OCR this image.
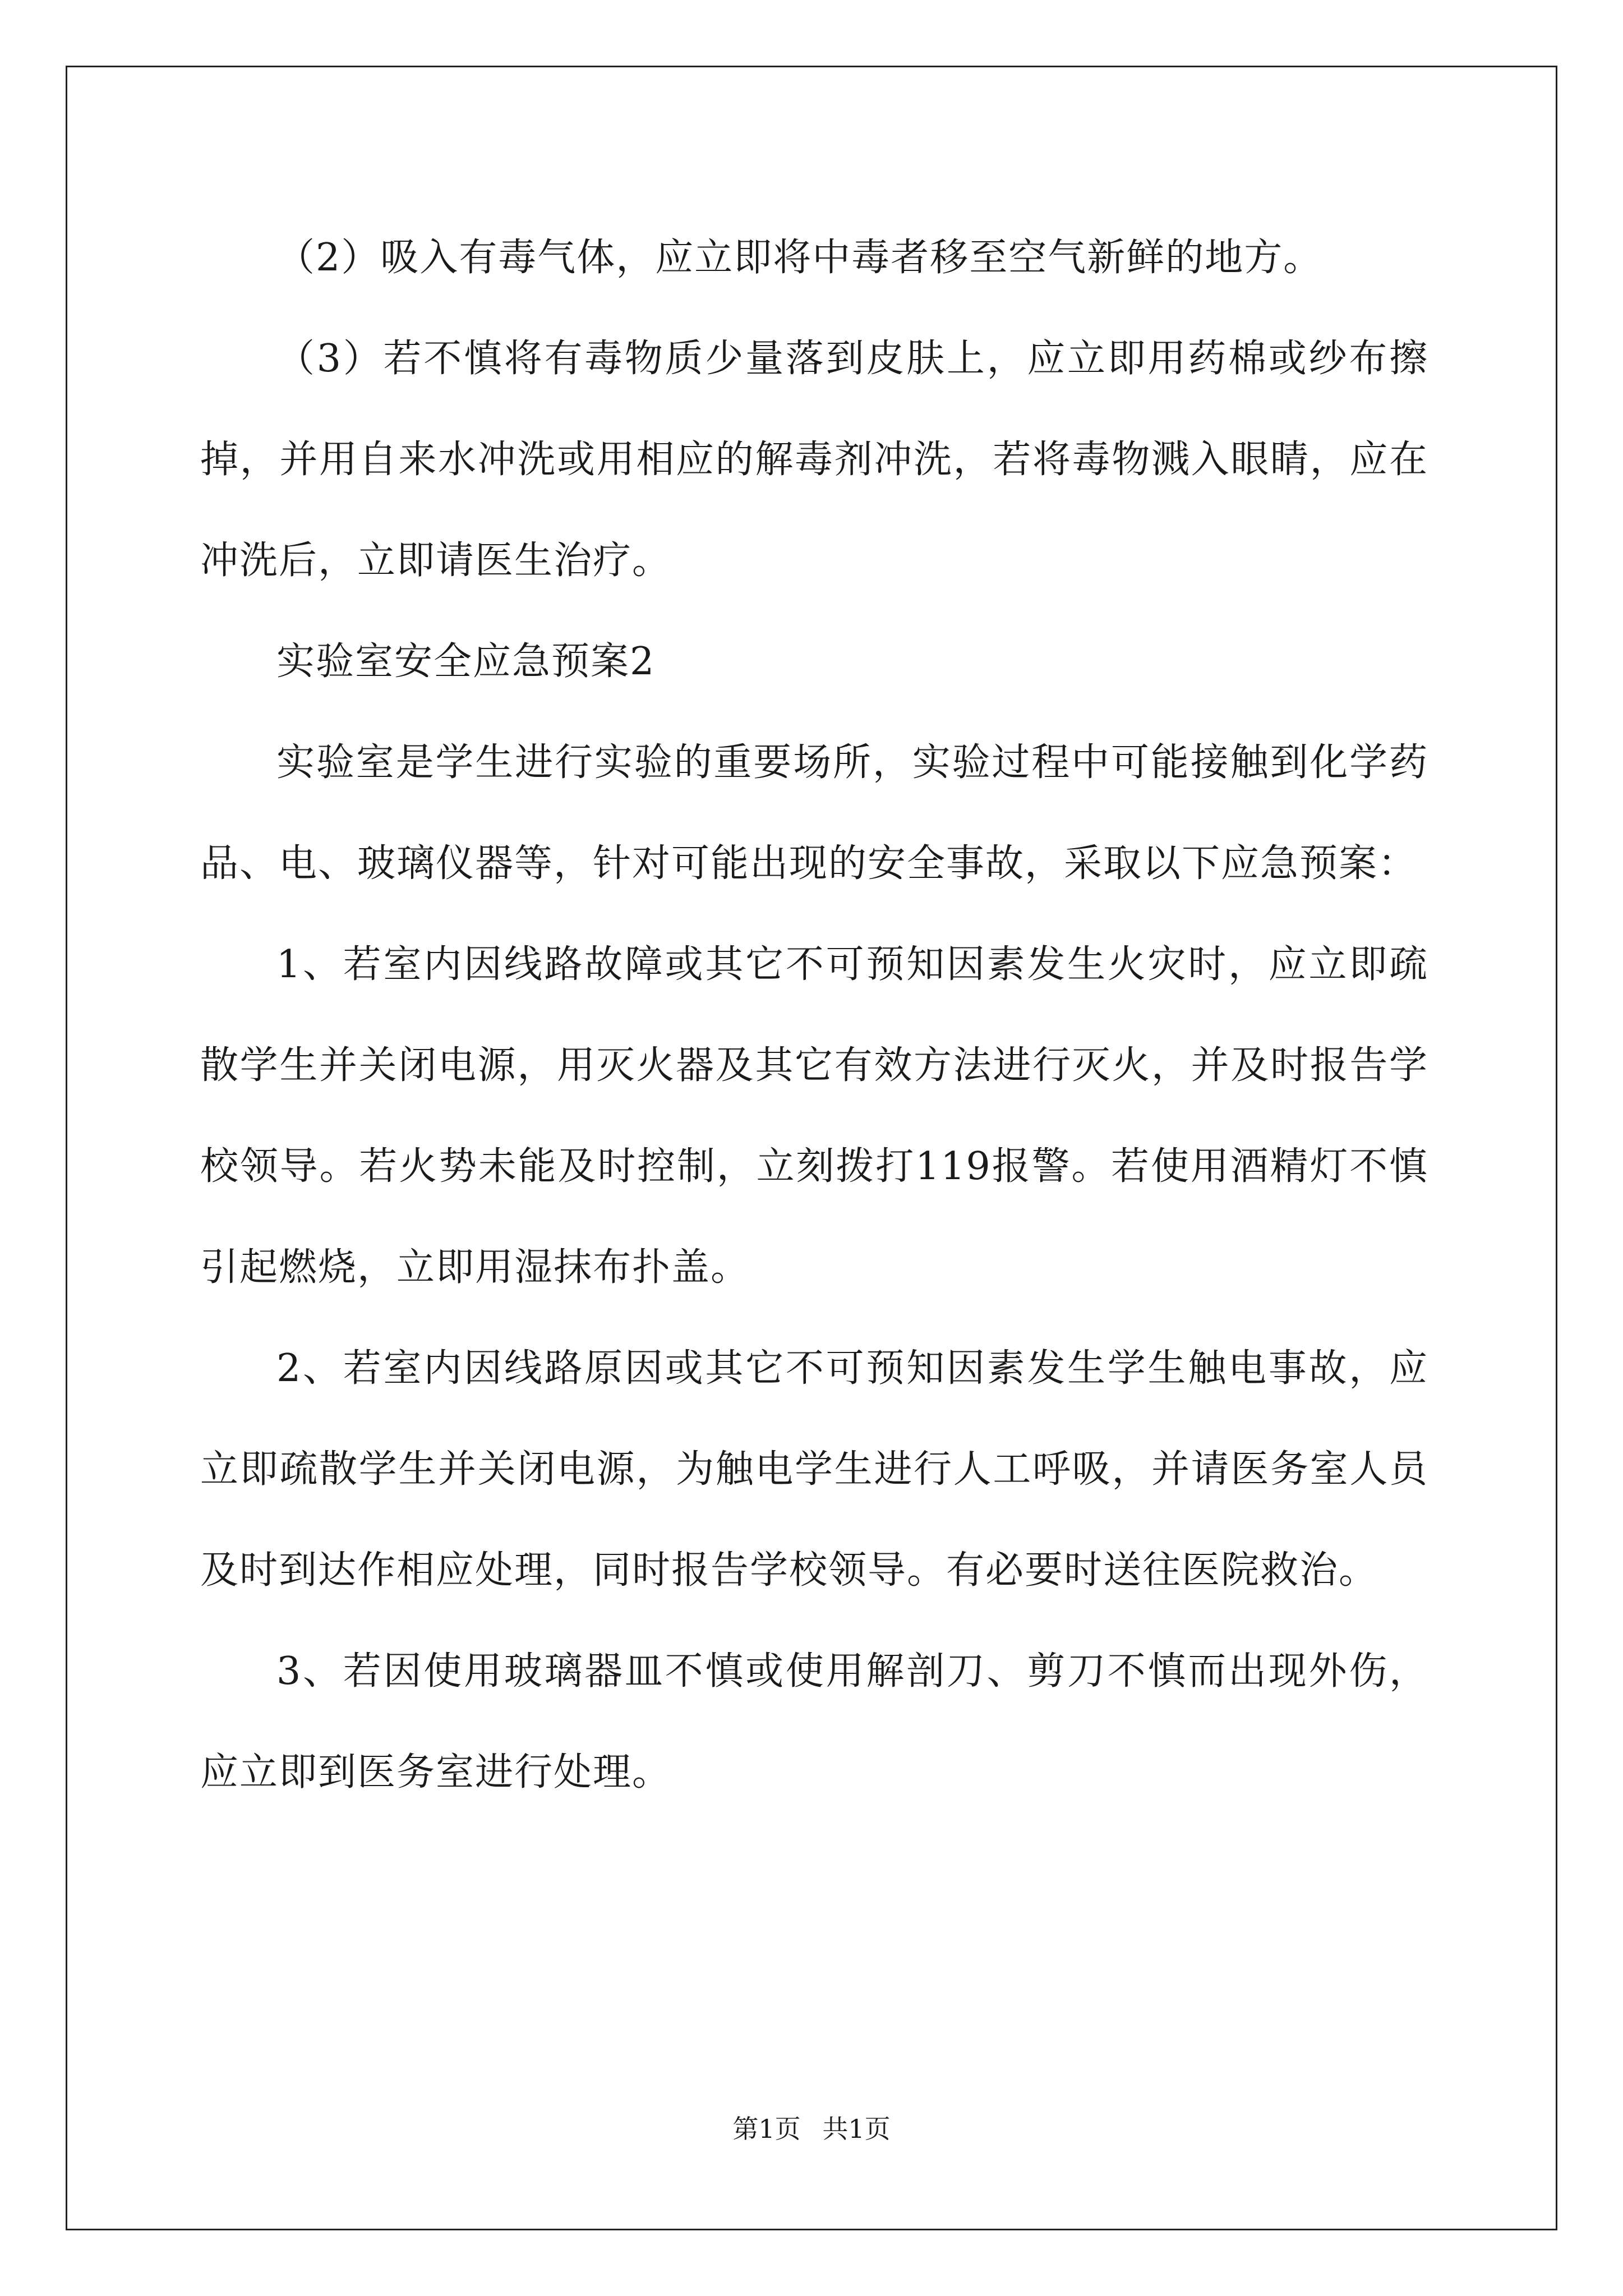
（2）吸入有毒气体，应立即将中毒者移至空气新鲜的地方。

（3）若不慎将有毒物质少量落到皮肤上，应立即用药棉或纱布擦掉，并用自来水冲洗或用相应的解毒剂冲洗，若将毒物溅入眼睛，应在冲洗后，立即请医生治疗。

实验室安全应急预案2

实验室是学生进行实验的重要场所，实验过程中可能接触到化学药品、电、玻璃仪器等，针对可能出现的安全事故，采取以下应急预案：

1、若室内因线路故障或其它不可预知因素发生火灾时，应立即疏散学生并关闭电源，用灭火器及其它有效方法进行灭火，并及时报告学校领导。若火势未能及时控制，立刻拨打119报警。若使用酒精灯不慎引起燃烧，立即用湿抹布扑盖。

2、若室内因线路原因或其它不可预知因素发生学生触电事故，应立即疏散学生并关闭电源，为触电学生进行人工呼吸，并请医务室人员及时到达作相应处理，同时报告学校领导。有必要时送往医院救治。

3、若因使用玻璃器皿不慎或使用解剖刀、剪刀不慎而出现外伤，应立即到医务室进行处理。

第1页 共1页
